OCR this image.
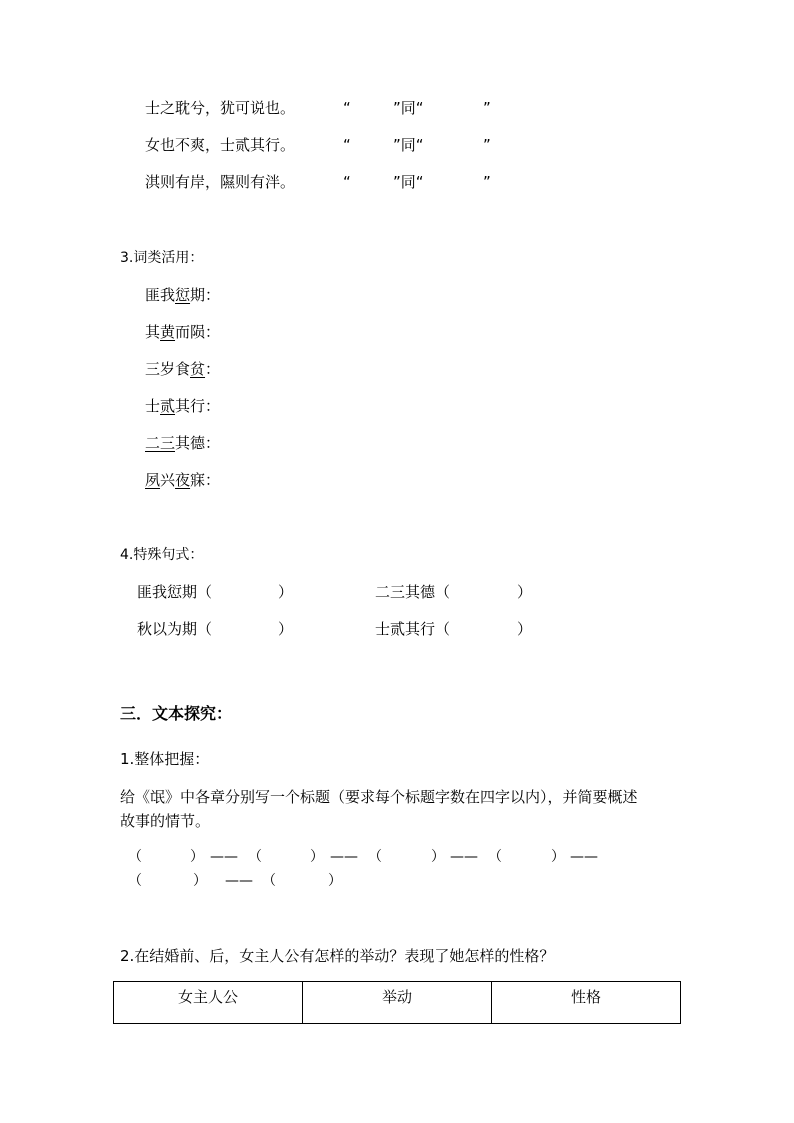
士之耽兮，犹可说也。	“	”同“	”
女也不爽，士贰其行。	“	”同“	”
淇则有岸，隰则有泮。	“	”同“	”
3.词类活用：
匪我愆期：
其黄而陨：
三岁食贫：
士贰其行：
二三其德：
夙兴夜寐：
4.特殊句式：
匪我愆期（	）	二三其德（	）
秋以为期（	）	士贰其行（	）
三．文本探究：
1.整体把握：
给《氓》中各章分别写一个标题（要求每个标题字数在四字以内），并简要概述
故事的情节。
（	） —— （	） —— （	） —— （	） ——
（	） —— （	）
2.在结婚前、后，女主人公有怎样的举动？表现了她怎样的性格？
女主人公	举动	性格
